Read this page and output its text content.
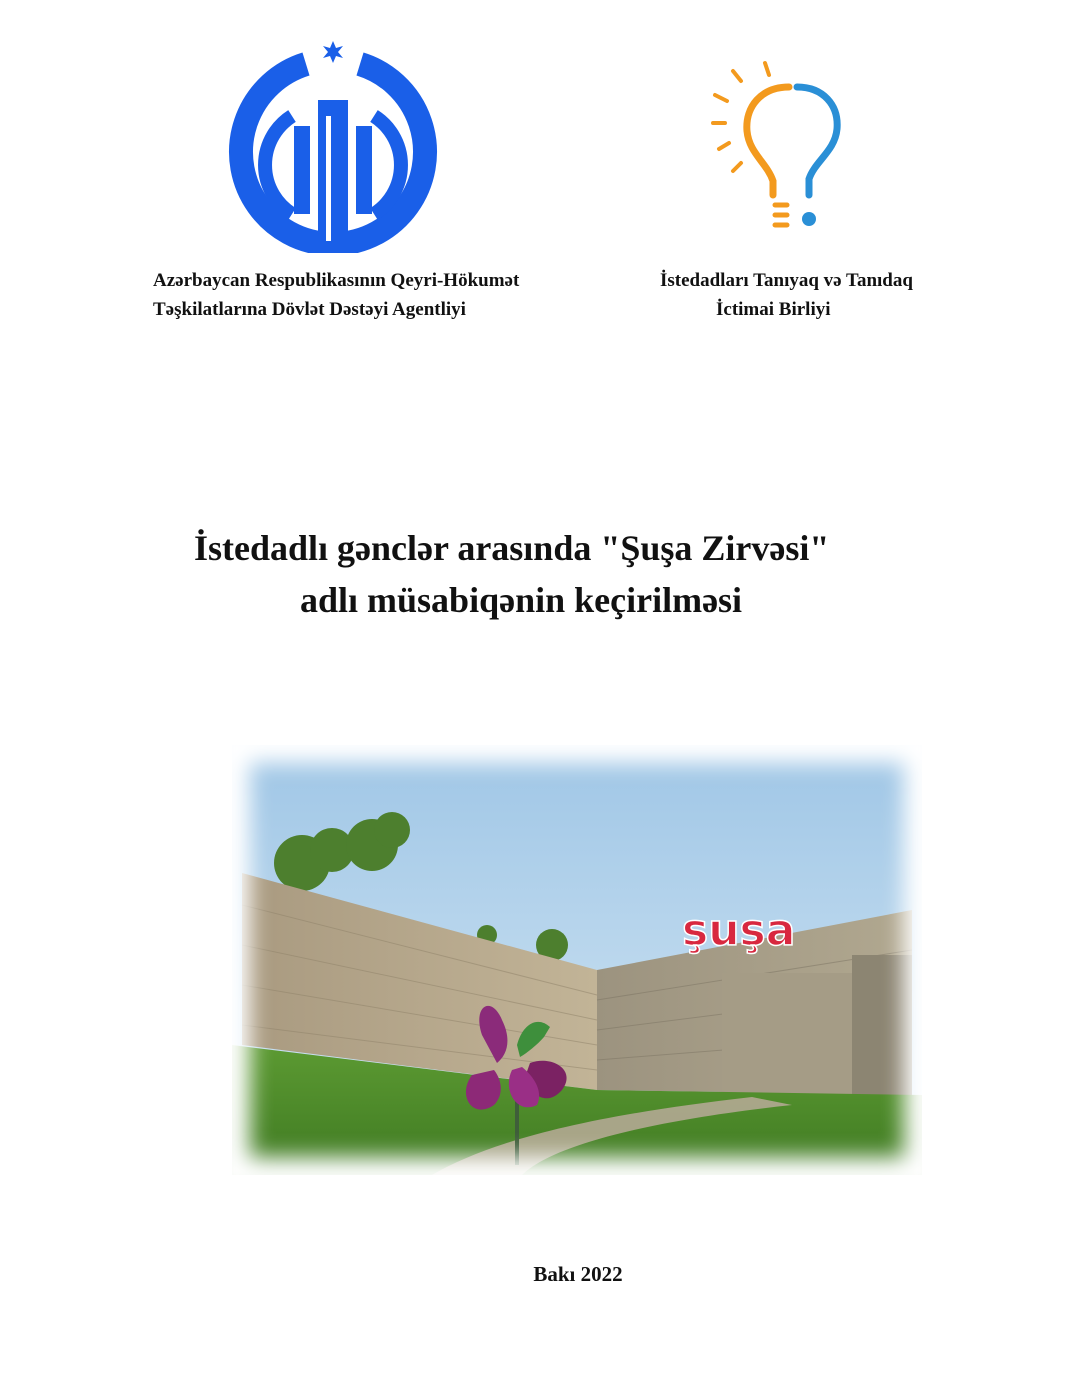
Azərbaycan Respublikasının Qeyri-Hökumət
Təşkilatlarına Dövlət Dəstəyi Agentliyi
İstedadları Tanıyaq və Tanıdaq
İctimai Birliyi
İstedadlı gənclər arasında "Şuşa Zirvəsi"
adlı müsabiqənin keçirilməsi
şuşa
Bakı 2022
